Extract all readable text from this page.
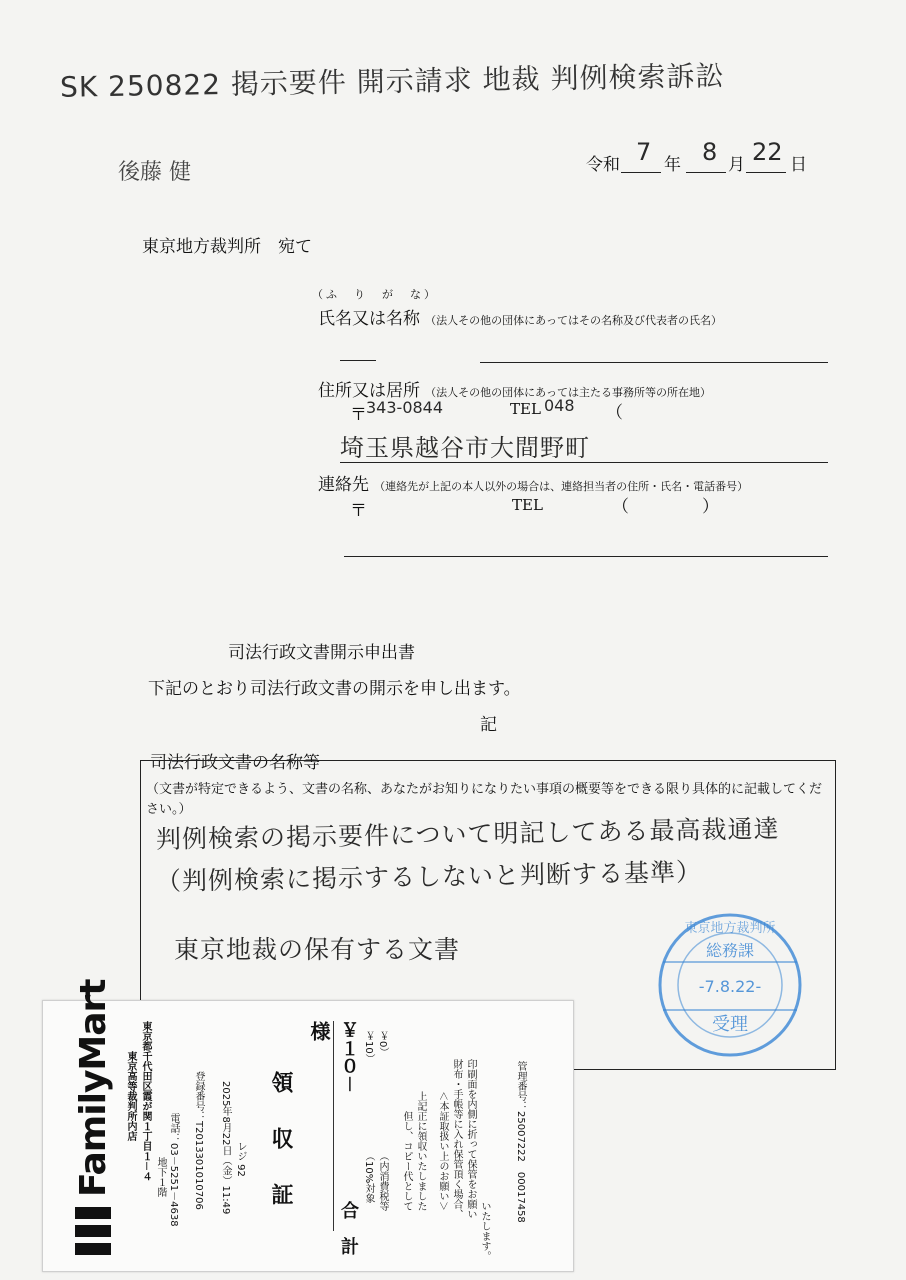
SK 250822 掲示要件 開示請求 地裁 判例検索訴訟
後藤 健	令和 7 年 8 月 22 日
東京地方裁判所　宛て
（ふ　り　が　な）
氏名又は名称 （法人その他の団体にあってはその名称及び代表者の氏名）
住所又は居所 （法人その他の団体にあっては主たる事務所等の所在地）
〒 343-0844	TEL 048 （
埼玉県越谷市大間野町
連絡先 （連絡先が上記の本人以外の場合は、連絡担当者の住所・氏名・電話番号）
〒	TEL	（	）
司法行政文書開示申出書
下記のとおり司法行政文書の開示を申し出ます。
記
司法行政文書の名称等
（文書が特定できるよう、文書の名称、あなたがお知りになりたい事項の概要等をできる限り具体的に記載してください。）
判例検索の掲示要件について明記してある最高裁通達
（判例検索に掲示するしないと判断する基準）
東京地裁の保有する文書
東京地方裁判所
総務課
-7.8.22-
受理
FamilyMart 東京高等裁判所内店 東京都千代田区霞が関１丁目１－４ 地下１階 電話：03－5251－4638 登録番号：T2013301010706 2025年8月22日（金）11:49 レジ 92 領　収　証
様
合　計
￥１０－
（10%対象
￥10）
（内消費税等
￥0）
但し、コピー代として 上記正に領収いたしました ＜本証取扱い上のお願い＞ 財布・手帳等に入れ保管頂く場合、 印刷面を内側に折って保管をお願い
いたします。
管理番号：25007222　00017458
